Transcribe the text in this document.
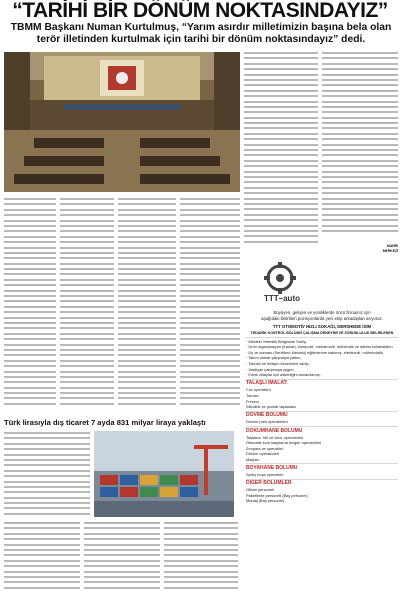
“TARİHİ BİR DÖNÜM NOKTASINDAYIZ”
TBMM Başkanı Numan Kurtulmuş, “Yarım asırdır milletimizin başına bela olan terör illetinden kurtulmak için tarihi bir dönüm noktasındayız” dedi.
MAHİR MERKEZİ
Türk lirasıyla dış ticaret 7 ayda 831 milyar liraya yaklaştı
TTT–auto
Büyüyen, gelişen ve yeniliklerde öncü firmamız için
aşağıdaki belirtilen pozisyonlarda yeni ekip arkadaşları arıyoruz.
TTT OTOMOTİV HIZLI SOKAĞI, DERSHEDE İSİM
TEDARİK KONTROL BÖLÜMÜ ÇALIŞMA DENEYİMİ VE ZORUNLULUK BELİRLENEN
· Mesleki Yeterlilik Belgesine Sahip,
· Ürün organizasyon (fuarlar), kompozit, mekatronik, mühendis ve işletim kullanabilen
· Üç ve sonrası (Sertifikalı Mesleki) eğitimlerine katılmış, elektronik, mühendislik,
· Takım olarak çalışmaya yatkın,
· Tekrarlı bir iletişim becerisine sahip,
· Vardiyalı çalışmaya uygun,
· Erkek adaylar için askerliğini tamamlamış,
TALAŞLI İMALAT:
Cnc operatörü
Tornacı
Frezeci
Silindirik ve puntalı taşlamacı
DÖVME BÖLÜMÜ
Dövme pres operatörleri
DÖKÜMHANE BÖLÜMÜ
Taşlama, fırfi ve visor operatörleri
Otomatik kum kalıplama tezgah operatörleri
Zımpara ve operatörü
Döküm operatörleri
Maçlacı
BOYAHANE BÖLÜMÜ
Sprey boya operatörü
DİĞER BÖLÜMLER
Ofisim personeli
Paketleme personeli (Bay personel)
Montaj (Bay personel)
